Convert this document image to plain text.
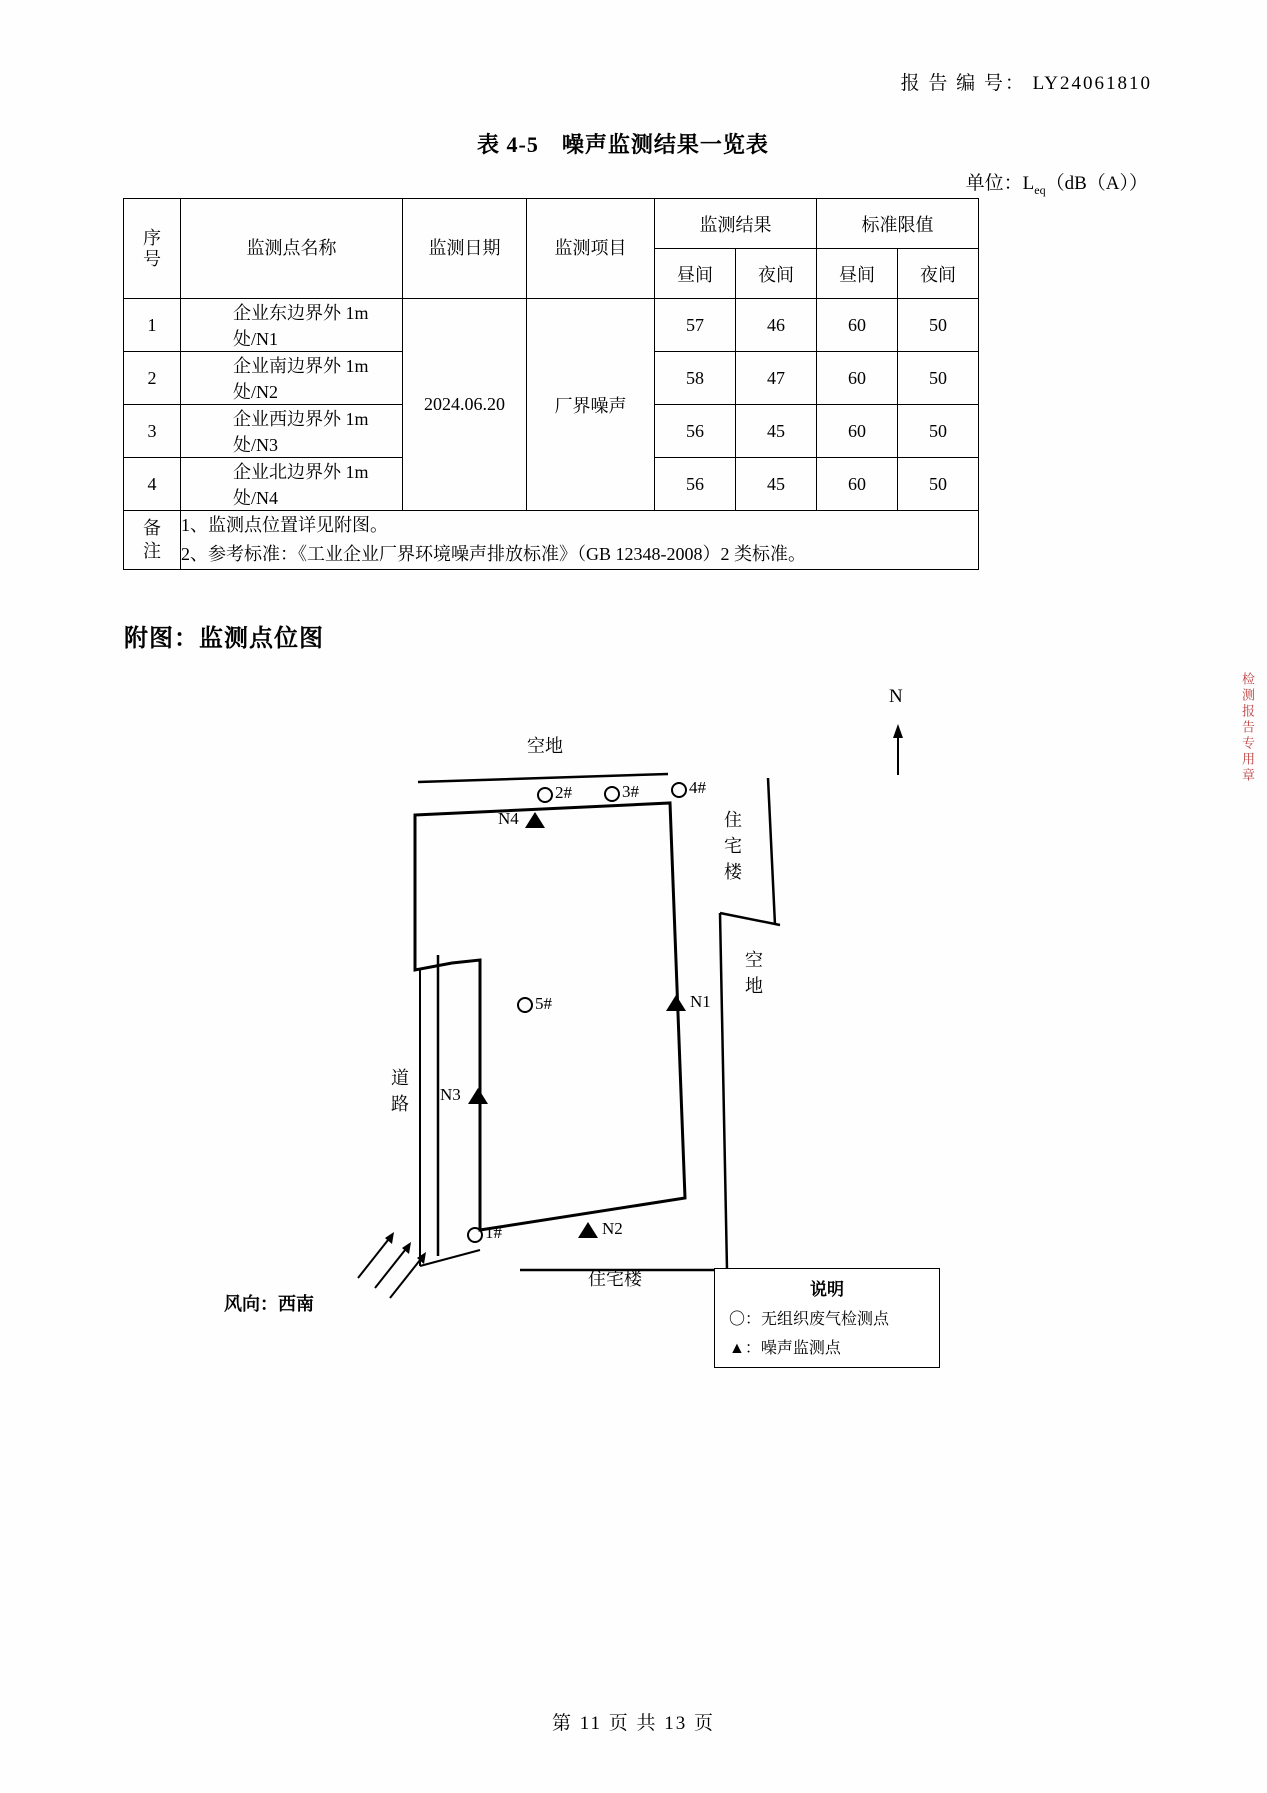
报 告 编 号： LY24061810
表 4-5　噪声监测结果一览表
单位：$L_{eq}(dB(A))$
序
号	监测点名称	监测日期	监测项目	监测结果		标准限值	
				昼间	夜间	昼间	夜间
1	企业东边界外 1m 处/N1	2024.06.20	厂界噪声	57	46	60	50
2	企业南边界外 1m 处/N2			58	47	60	50
3	企业西边界外 1m 处/N3			56	45	60	50
4	企业北边界外 1m 处/N4			56	45	60	50
备
注	
1、监测点位置详见附图。
2、参考标准：《工业企业厂界环境噪声排放标准》（GB 12348-2008）2 类标准。
附图：监测点位图
空地
N
2#	3#	4#
5#
1#
N4
N1
N3
N2
住宅楼
空地
道路
住宅楼
风向：西南
说明
〇：无组织废气检测点
▲：噪声监测点
检测报告专用章
第 11 页 共 13 页
